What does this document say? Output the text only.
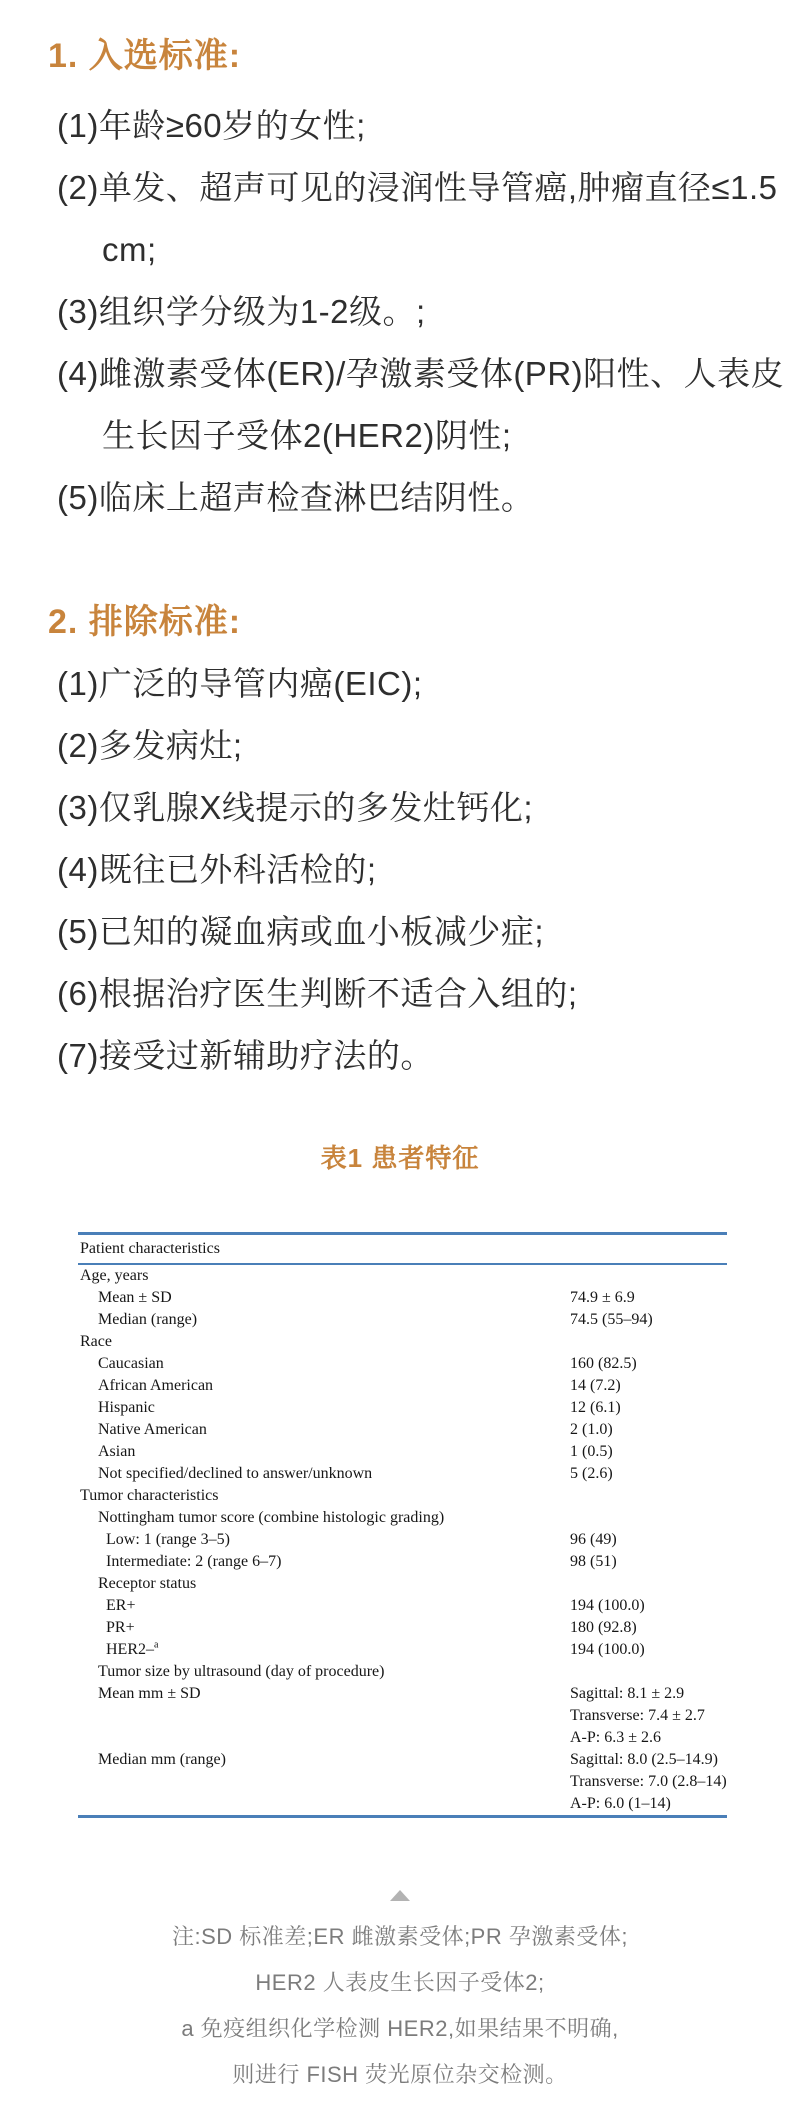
1. 入选标准:

(1)年龄≥60岁的女性;

(2)单发、超声可见的浸润性导管癌,肿瘤直径≤1.5 cm;

(3)组织学分级为1-2级。;

(4)雌激素受体(ER)/孕激素受体(PR)阳性、人表皮生长因子受体2(HER2)阴性;

(5)临床上超声检查淋巴结阴性。

2. 排除标准:

(1)广泛的导管内癌(EIC);

(2)多发病灶;

(3)仅乳腺X线提示的多发灶钙化;

(4)既往已外科活检的;

(5)已知的凝血病或血小板减少症;

(6)根据治疗医生判断不适合入组的;

(7)接受过新辅助疗法的。

表1 患者特征
Patient characteristics
Age, years
Mean ± SD	74.9 ± 6.9
Median (range)	74.5 (55–94)
Race
Caucasian	160 (82.5)
African American	14 (7.2)
Hispanic	12 (6.1)
Native American	2 (1.0)
Asian	1 (0.5)
Not specified/declined to answer/unknown	5 (2.6)
Tumor characteristics
Nottingham tumor score (combine histologic grading)
Low: 1 (range 3–5)	96 (49)
Intermediate: 2 (range 6–7)	98 (51)
Receptor status
ER+	194 (100.0)
PR+	180 (92.8)
HER2–$^a$	194 (100.0)
Tumor size by ultrasound (day of procedure)
Mean mm ± SD	Sagittal: 8.1 ± 2.9
Transverse: 7.4 ± 2.7
A-P: 6.3 ± 2.6
Median mm (range)	Sagittal: 8.0 (2.5–14.9)
Transverse: 7.0 (2.8–14)
A-P: 6.0 (1–14)
注:SD 标准差;ER 雌激素受体;PR 孕激素受体;
HER2 人表皮生长因子受体2;
a 免疫组织化学检测 HER2,如果结果不明确,
则进行 FISH 荧光原位杂交检测。
